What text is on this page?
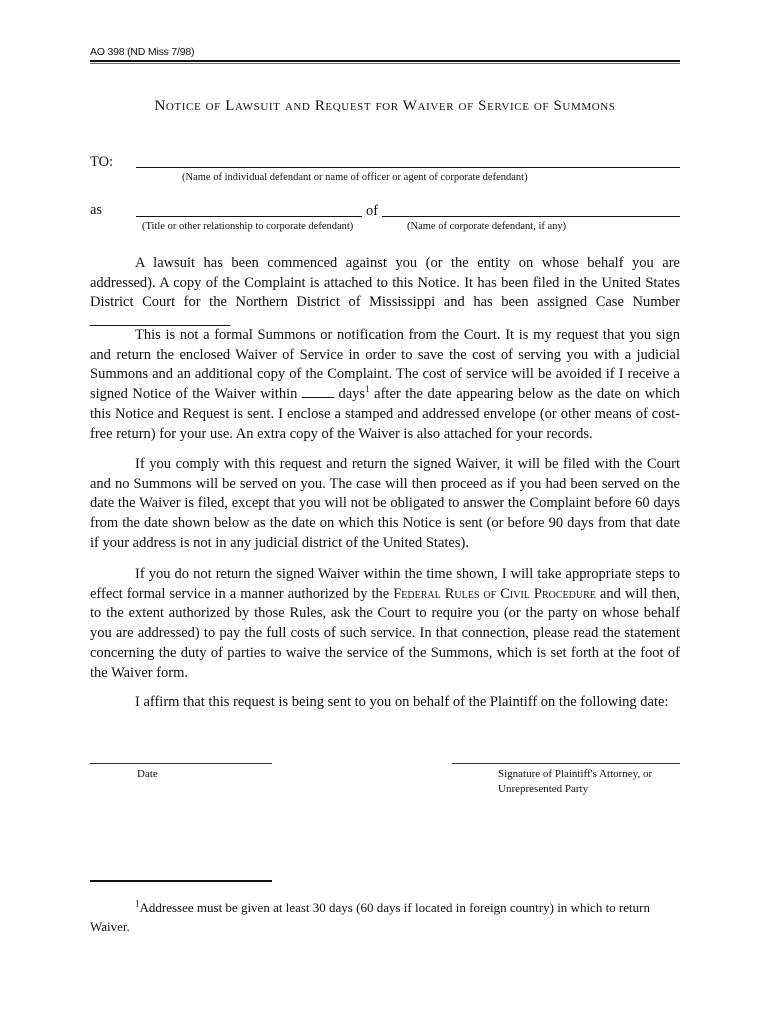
AO 398 (ND Miss 7/98)
Notice of Lawsuit and Request for Waiver of Service of Summons
TO:
(Name of individual defendant or name of officer or agent of corporate defendant)
as	of
(Title or other relationship to corporate defendant)	(Name of corporate defendant, if any)

A lawsuit has been commenced against you (or the entity on whose behalf you are addressed). A copy of the Complaint is attached to this Notice. It has been filed in the United States District Court for the Northern District of Mississippi and has been assigned Case Number

This is not a formal Summons or notification from the Court. It is my request that you sign and return the enclosed Waiver of Service in order to save the cost of serving you with a judicial Summons and an additional copy of the Complaint. The cost of service will be avoided if I receive a signed Notice of the Waiver within	days$^1$ after the date appearing below as the date on which this Notice and Request is sent. I enclose a stamped and addressed envelope (or other means of cost-free return) for your use. An extra copy of the Waiver is also attached for your records.

If you comply with this request and return the signed Waiver, it will be filed with the Court and no Summons will be served on you. The case will then proceed as if you had been served on the date the Waiver is filed, except that you will not be obligated to answer the Complaint before 60 days from the date shown below as the date on which this Notice is sent (or before 90 days from that date if your address is not in any judicial district of the United States).

If you do not return the signed Waiver within the time shown, I will take appropriate steps to effect formal service in a manner authorized by the Federal Rules of Civil Procedure and will then, to the extent authorized by those Rules, ask the Court to require you (or the party on whose behalf you are addressed) to pay the full costs of such service. In that connection, please read the statement concerning the duty of parties to waive the service of the Summons, which is set forth at the foot of the Waiver form.

I affirm that this request is being sent to you on behalf of the Plaintiff on the following date:

Date	Signature of Plaintiff's Attorney, or
Unrepresented Party

$^1$Addressee must be given at least 30 days (60 days if located in foreign country) in which to return Waiver.
